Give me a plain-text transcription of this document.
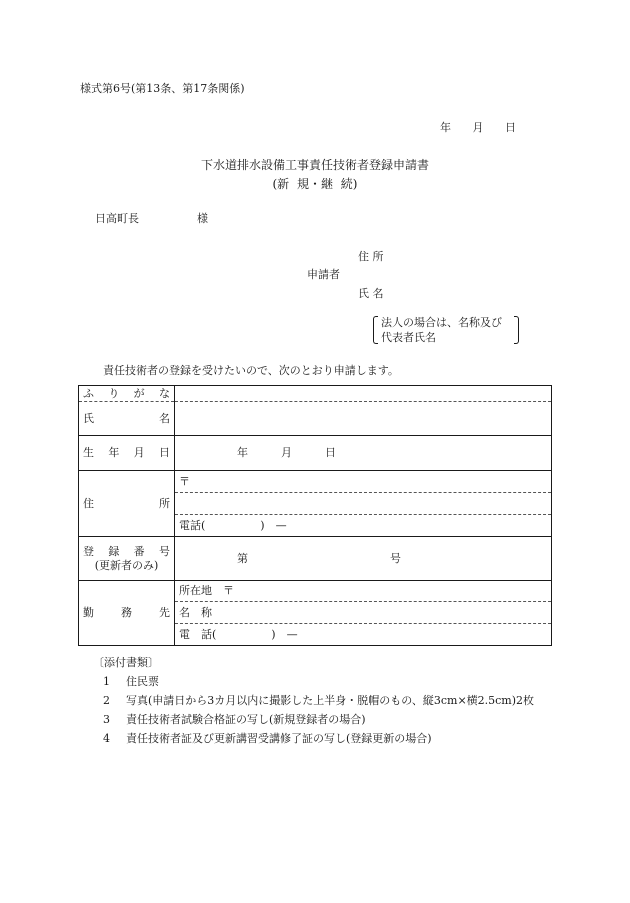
様式第6号(第13条、第17条関係)
年 月 日
下水道排水設備工事責任技術者登録申請書
(新 規・継 続)
日高町長	様
住 所
申請者
氏 名
法人の場合は、名称及び
代表者氏名
責任技術者の登録を受けたいので、次のとおり申請します。
ふ り が な	

氏 名	

生 年 月 日	年　　　月　　　日

住 所	〒

	電話(　　　　　)　—

登 録 番 号
(更新者のみ)	第 号

勤 務 先	所在地　〒
	名　称
	電　話(　　　　　)　—
〔添付書類〕
1 住民票
2 写真(申請日から3カ月以内に撮影した上半身・脱帽のもの、縦3cm×横2.5cm)2枚
3 責任技術者試験合格証の写し(新規登録者の場合)
4 責任技術者証及び更新講習受講修了証の写し(登録更新の場合)
